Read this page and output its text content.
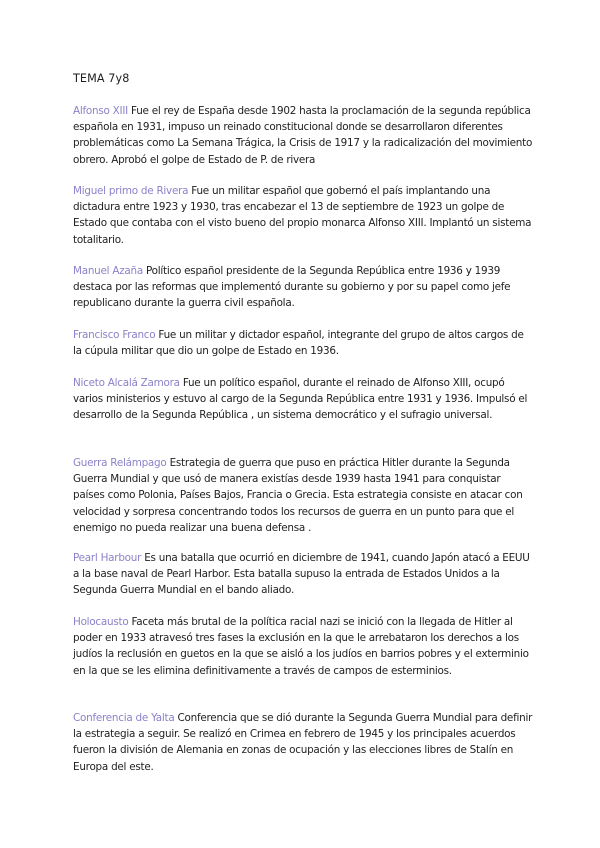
TEMA 7y8

Alfonso XIII Fue el rey de España desde 1902 hasta la proclamación de la segunda república española en 1931, impuso un reinado constitucional donde se desarrollaron diferentes problemáticas como La Semana Trágica, la Crisis de 1917 y la radicalización del movimiento obrero. Aprobó el golpe de Estado de P. de rivera

Miguel primo de Rivera Fue un militar español que gobernó el país implantando una dictadura entre 1923 y 1930, tras encabezar el 13 de septiembre de 1923 un golpe de Estado que contaba con el visto bueno del propio monarca Alfonso XIII. Implantó un sistema totalitario.

Manuel Azaña Político español presidente de la Segunda República entre 1936 y 1939 destaca por las reformas que implementó durante su gobierno y por su papel como jefe republicano durante la guerra civil española.

Francisco Franco Fue un militar y dictador español, integrante del grupo de altos cargos de la cúpula militar que dio un golpe de Estado en 1936.

Niceto Alcalá Zamora Fue un político español, durante el reinado de Alfonso XIII, ocupó varios ministerios y estuvo al cargo de la Segunda República entre 1931 y 1936. Impulsó el desarrollo de la Segunda República , un sistema democrático y el sufragio universal.

Guerra Relámpago Estrategia de guerra que puso en práctica Hitler durante la Segunda Guerra Mundial y que usó de manera existías desde 1939 hasta 1941 para conquistar países como Polonia, Países Bajos, Francia o Grecia. Esta estrategia consiste en atacar con velocidad y sorpresa concentrando todos los recursos de guerra en un punto para que el enemigo no pueda realizar una buena defensa .

Pearl Harbour Es una batalla que ocurrió en diciembre de 1941, cuando Japón atacó a EEUU a la base naval de Pearl Harbor. Esta batalla supuso la entrada de Estados Unidos a la Segunda Guerra Mundial en el bando aliado.

Holocausto Faceta más brutal de la política racial nazi se inició con la llegada de Hitler al poder en 1933 atravesó tres fases la exclusión en la que le arrebataron los derechos a los judíos la reclusión en guetos en la que se aisló a los judíos en barrios pobres y el exterminio en la que se les elimina definitivamente a través de campos de esterminios.

Conferencia de Yalta Conferencia que se dió durante la Segunda Guerra Mundial para definir la estrategia a seguir. Se realizó en Crimea en febrero de 1945 y los principales acuerdos fueron la división de Alemania en zonas de ocupación y las elecciones libres de Stalín en Europa del este.
